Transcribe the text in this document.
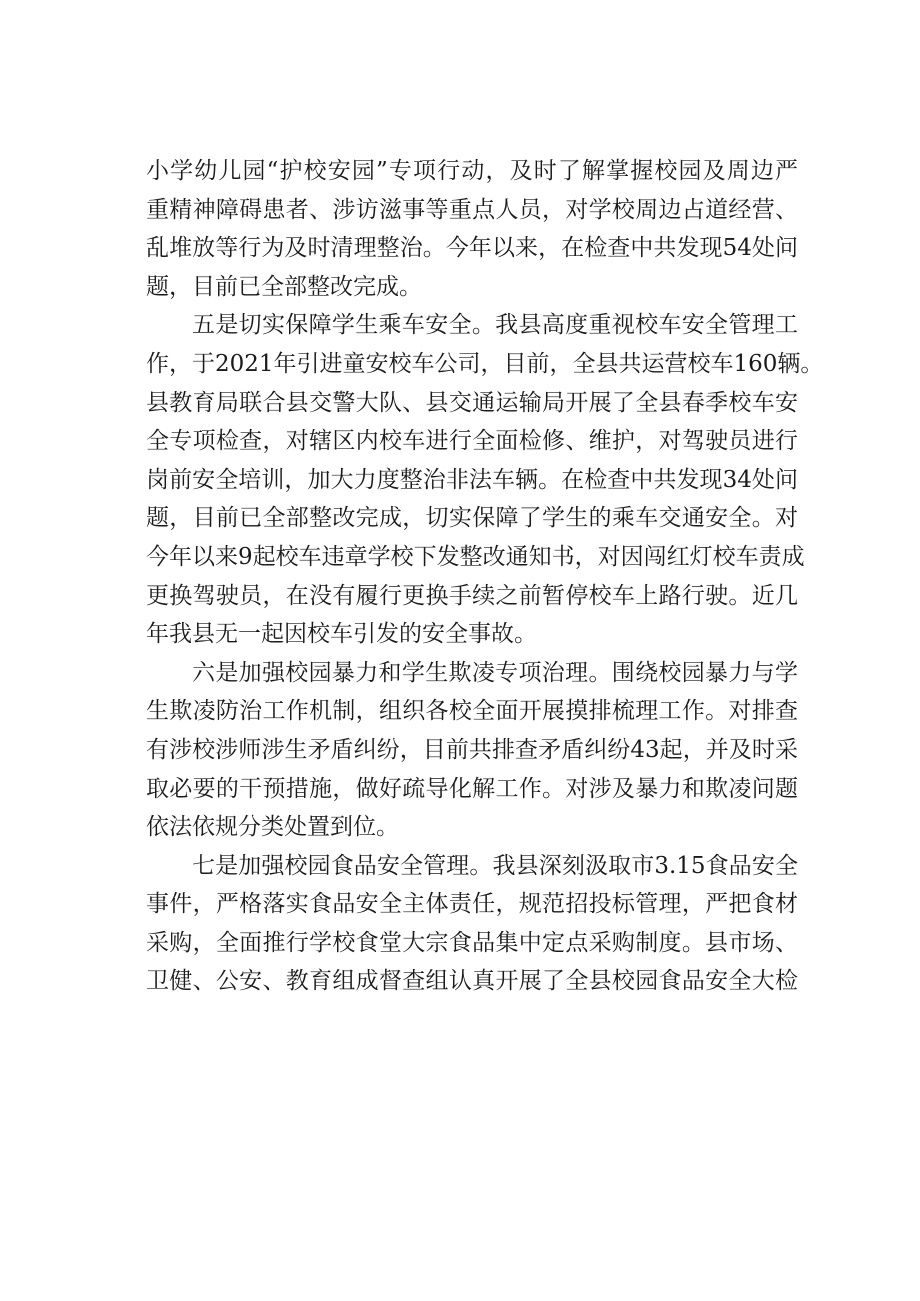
小学幼儿园“护校安园”专项行动，及时了解掌握校园及周边严
重精神障碍患者、涉访滋事等重点人员，对学校周边占道经营、
乱堆放等行为及时清理整治。今年以来，在检查中共发现54处问
题，目前已全部整改完成。

五是切实保障学生乘车安全。我县高度重视校车安全管理工
作，于2021年引进童安校车公司，目前，全县共运营校车160辆。
县教育局联合县交警大队、县交通运输局开展了全县春季校车安
全专项检查，对辖区内校车进行全面检修、维护，对驾驶员进行
岗前安全培训，加大力度整治非法车辆。在检查中共发现34处问
题，目前已全部整改完成，切实保障了学生的乘车交通安全。对
今年以来9起校车违章学校下发整改通知书，对因闯红灯校车责成
更换驾驶员，在没有履行更换手续之前暂停校车上路行驶。近几
年我县无一起因校车引发的安全事故。

六是加强校园暴力和学生欺凌专项治理。围绕校园暴力与学
生欺凌防治工作机制，组织各校全面开展摸排梳理工作。对排查
有涉校涉师涉生矛盾纠纷，目前共排查矛盾纠纷43起，并及时采
取必要的干预措施，做好疏导化解工作。对涉及暴力和欺凌问题
依法依规分类处置到位。

七是加强校园食品安全管理。我县深刻汲取市3.15食品安全
事件，严格落实食品安全主体责任，规范招投标管理，严把食材
采购，全面推行学校食堂大宗食品集中定点采购制度。县市场、
卫健、公安、教育组成督查组认真开展了全县校园食品安全大检
